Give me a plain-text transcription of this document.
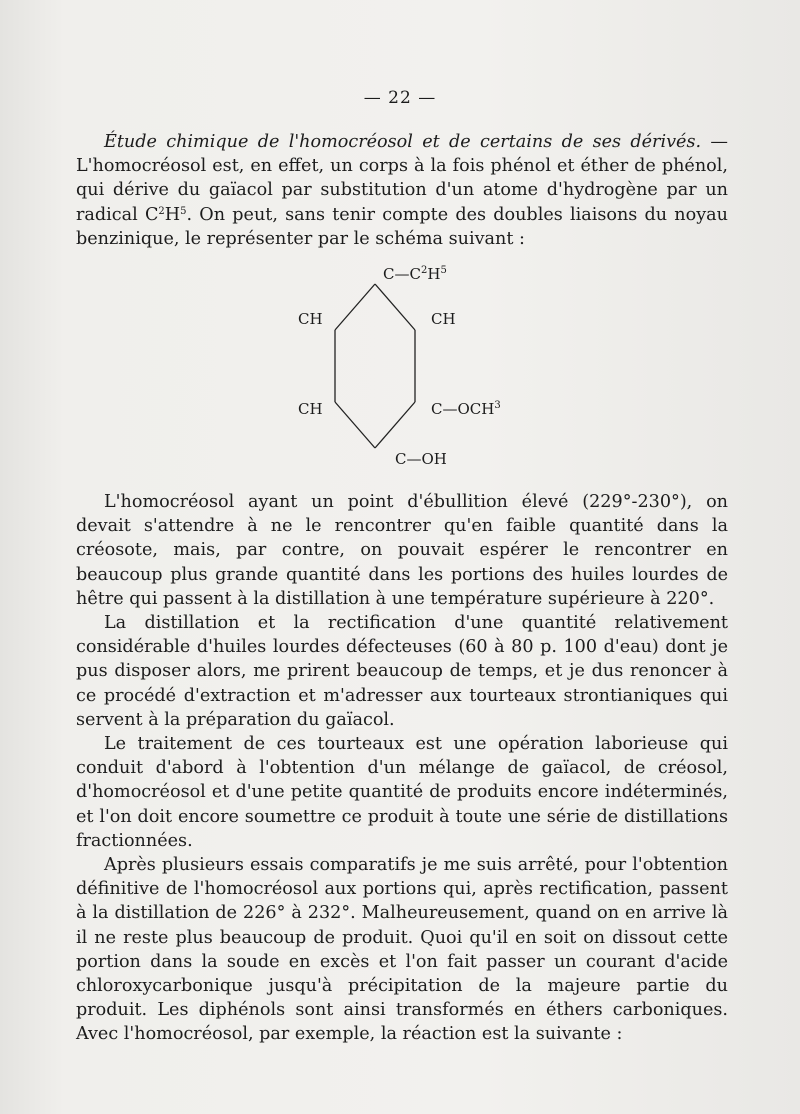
— 22 —

Étude chimique de l'homocréosol et de certains de ses dérivés. — L'homocréosol est, en effet, un corps à la fois phénol et éther de phénol, qui dérive du gaïacol par substitution d'un atome d'hydrogène par un radical $C^2H^5$. On peut, sans tenir compte des doubles liaisons du noyau benzinique, le représenter par le schéma suivant :

$C—C^2H^5$
CH	CH
CH	C—OCH$^3$
C—OH

L'homocréosol ayant un point d'ébullition élevé (229°-230°), on devait s'attendre à ne le rencontrer qu'en faible quantité dans la créosote, mais, par contre, on pouvait espérer le rencontrer en beaucoup plus grande quantité dans les portions des huiles lourdes de hêtre qui passent à la distillation à une température supérieure à 220°.

La distillation et la rectification d'une quantité relativement considérable d'huiles lourdes défecteuses (60 à 80 p. 100 d'eau) dont je pus disposer alors, me prirent beaucoup de temps, et je dus renoncer à ce procédé d'extraction et m'adresser aux tourteaux strontianiques qui servent à la préparation du gaïacol.

Le traitement de ces tourteaux est une opération laborieuse qui conduit d'abord à l'obtention d'un mélange de gaïacol, de créosol, d'homocréosol et d'une petite quantité de produits encore indéterminés, et l'on doit encore soumettre ce produit à toute une série de distillations fractionnées.

Après plusieurs essais comparatifs je me suis arrêté, pour l'obtention définitive de l'homocréosol aux portions qui, après rectification, passent à la distillation de 226° à 232°. Malheureusement, quand on en arrive là il ne reste plus beaucoup de produit. Quoi qu'il en soit on dissout cette portion dans la soude en excès et l'on fait passer un courant d'acide chloroxycarbonique jusqu'à précipitation de la majeure partie du produit. Les diphénols sont ainsi transformés en éthers carboniques. Avec l'homocréosol, par exemple, la réaction est la suivante :
